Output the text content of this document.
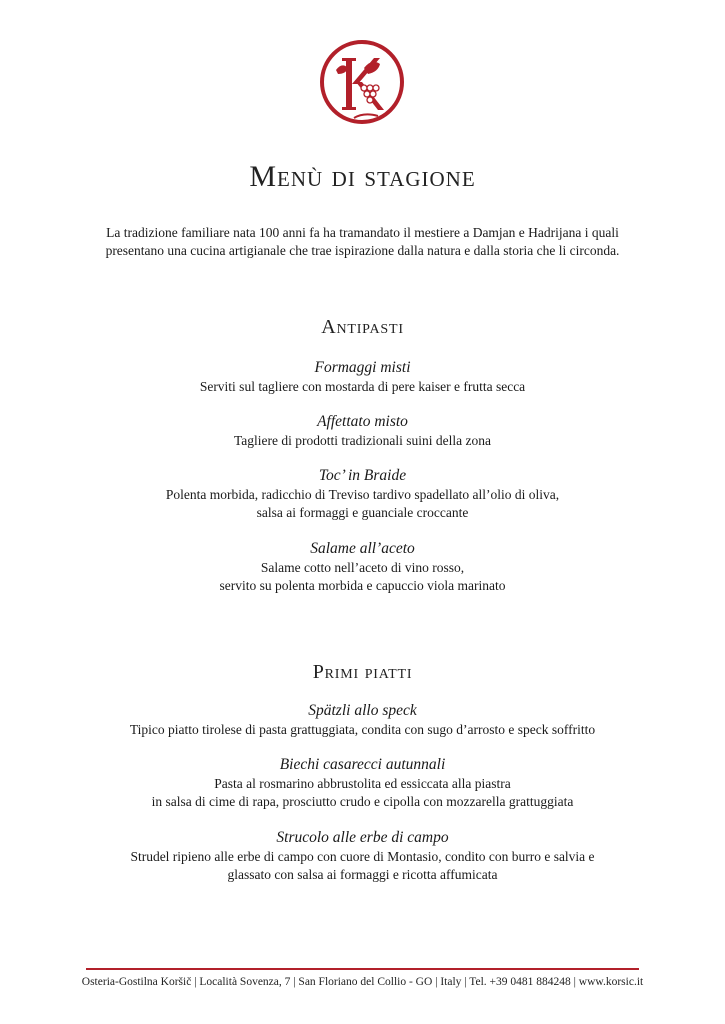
Menù di stagione

La tradizione familiare nata 100 anni fa ha tramandato il mestiere a Damjan e Hadrijana i quali

presentano una cucina artigianale che trae ispirazione dalla natura e dalla storia che li circonda.

Antipasti

Formaggi misti

Serviti sul tagliere con mostarda di pere kaiser e frutta secca

Affettato misto

Tagliere di prodotti tradizionali suini della zona

Toc’ in Braide

Polenta morbida, radicchio di Treviso tardivo spadellato all’olio di oliva,

salsa ai formaggi e guanciale croccante

Salame all’aceto

Salame cotto nell’aceto di vino rosso,

servito su polenta morbida e capuccio viola marinato

Primi piatti

Spätzli allo speck

Tipico piatto tirolese di pasta grattuggiata, condita con sugo d’arrosto e speck soffritto

Biechi casarecci autunnali

Pasta al rosmarino abbrustolita ed essiccata alla piastra

in salsa di cime di rapa, prosciutto crudo e cipolla con mozzarella grattuggiata

Strucolo alle erbe di campo

Strudel ripieno alle erbe di campo con cuore di Montasio, condito con burro e salvia e

glassato con salsa ai formaggi e ricotta affumicata

Osteria-Gostilna Koršič | Località Sovenza, 7 | San Floriano del Collio - GO | Italy | Tel. +39 0481 884248 | www.korsic.it
